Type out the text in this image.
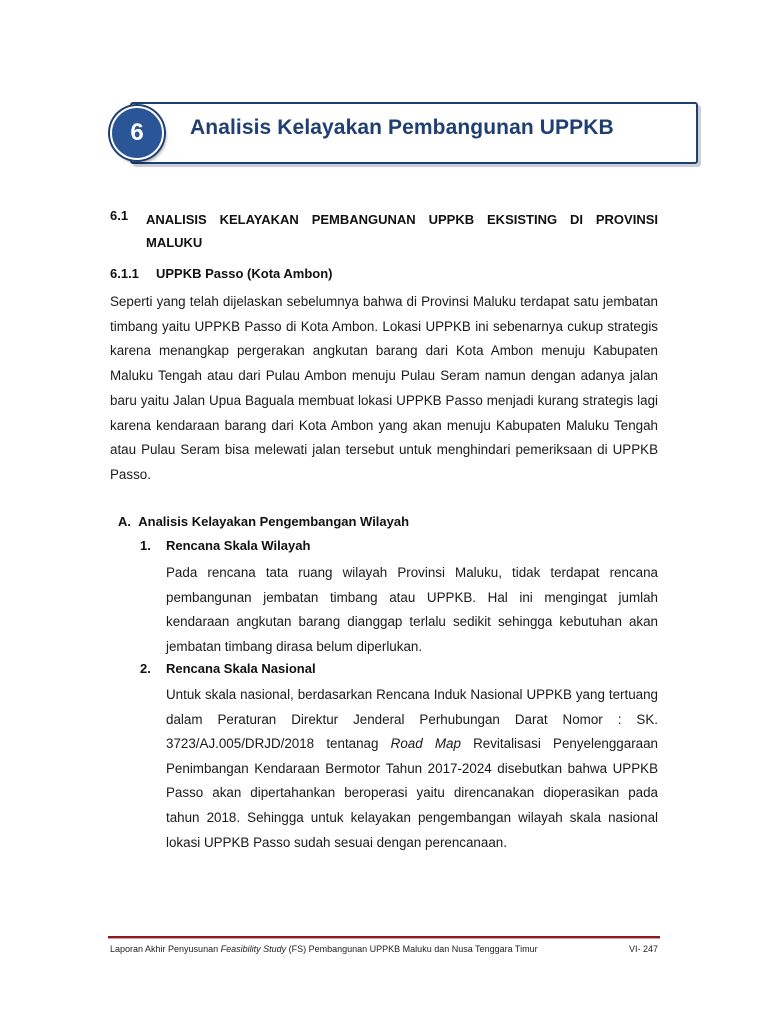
Analisis Kelayakan Pembangunan UPPKB
6
6.1 ANALISIS KELAYAKAN PEMBANGUNAN UPPKB EKSISTING DI PROVINSI MALUKU
6.1.1 UPPKB Passo (Kota Ambon)
Seperti yang telah dijelaskan sebelumnya bahwa di Provinsi Maluku terdapat satu jembatan timbang yaitu UPPKB Passo di Kota Ambon. Lokasi UPPKB ini sebenarnya cukup strategis karena menangkap pergerakan angkutan barang dari Kota Ambon menuju Kabupaten Maluku Tengah atau dari Pulau Ambon menuju Pulau Seram namun dengan adanya jalan baru yaitu Jalan Upua Baguala membuat lokasi UPPKB Passo menjadi kurang strategis lagi karena kendaraan barang dari Kota Ambon yang akan menuju Kabupaten Maluku Tengah atau Pulau Seram bisa melewati jalan tersebut untuk menghindari pemeriksaan di UPPKB Passo.
A. Analisis Kelayakan Pengembangan Wilayah
1. Rencana Skala Wilayah
Pada rencana tata ruang wilayah Provinsi Maluku, tidak terdapat rencana pembangunan jembatan timbang atau UPPKB. Hal ini mengingat jumlah kendaraan angkutan barang dianggap terlalu sedikit sehingga kebutuhan akan jembatan timbang dirasa belum diperlukan.
2. Rencana Skala Nasional
Untuk skala nasional, berdasarkan Rencana Induk Nasional UPPKB yang tertuang dalam Peraturan Direktur Jenderal Perhubungan Darat Nomor : SK. 3723/AJ.005/DRJD/2018 tentanag Road Map Revitalisasi Penyelenggaraan Penimbangan Kendaraan Bermotor Tahun 2017-2024 disebutkan bahwa UPPKB Passo akan dipertahankan beroperasi yaitu direncanakan dioperasikan pada tahun 2018. Sehingga untuk kelayakan pengembangan wilayah skala nasional lokasi UPPKB Passo sudah sesuai dengan perencanaan.
Laporan Akhir Penyusunan Feasibility Study (FS) Pembangunan UPPKB Maluku dan Nusa Tenggara Timur	VI- 247
